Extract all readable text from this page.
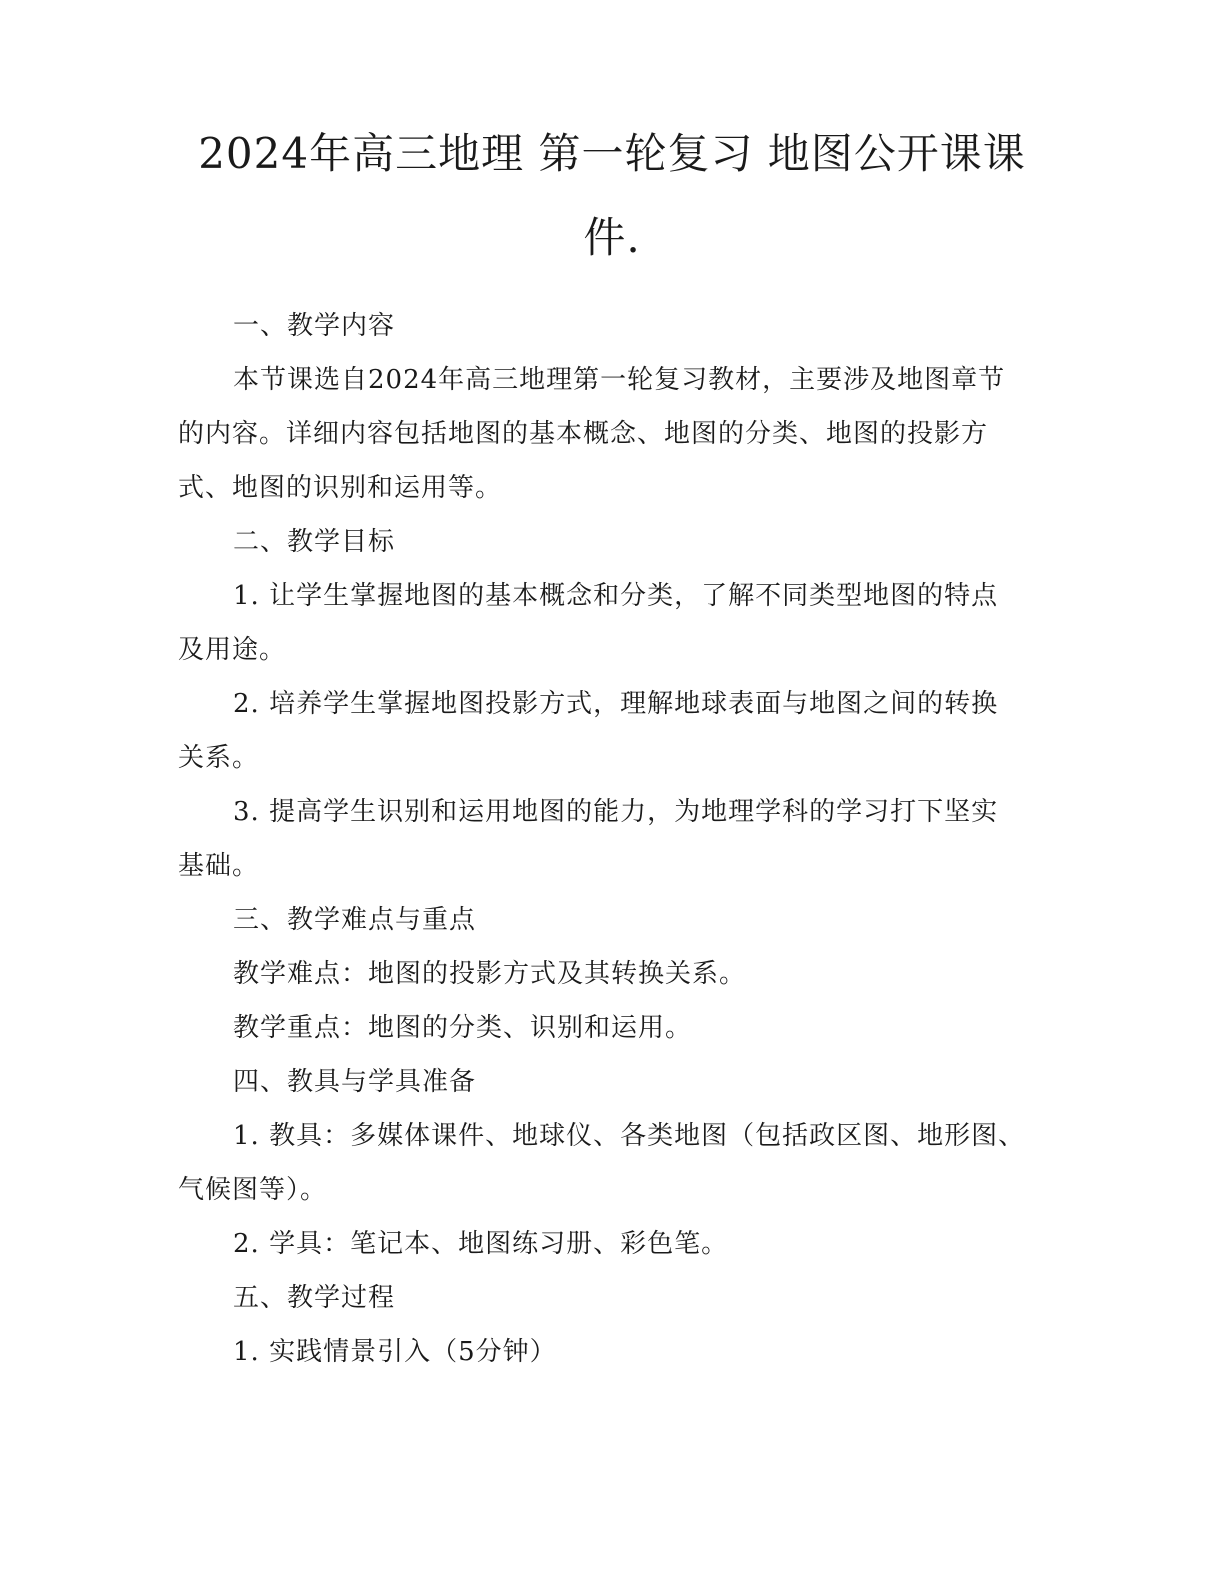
2024年高三地理 第一轮复习 地图公开课课
件.
一、教学内容
本节课选自2024年高三地理第一轮复习教材，主要涉及地图章节
的内容。详细内容包括地图的基本概念、地图的分类、地图的投影方
式、地图的识别和运用等。
二、教学目标
1. 让学生掌握地图的基本概念和分类，了解不同类型地图的特点
及用途。
2. 培养学生掌握地图投影方式，理解地球表面与地图之间的转换
关系。
3. 提高学生识别和运用地图的能力，为地理学科的学习打下坚实
基础。
三、教学难点与重点
教学难点：地图的投影方式及其转换关系。
教学重点：地图的分类、识别和运用。
四、教具与学具准备
1. 教具：多媒体课件、地球仪、各类地图（包括政区图、地形图、
气候图等）。
2. 学具：笔记本、地图练习册、彩色笔。
五、教学过程
1. 实践情景引入（5分钟）
